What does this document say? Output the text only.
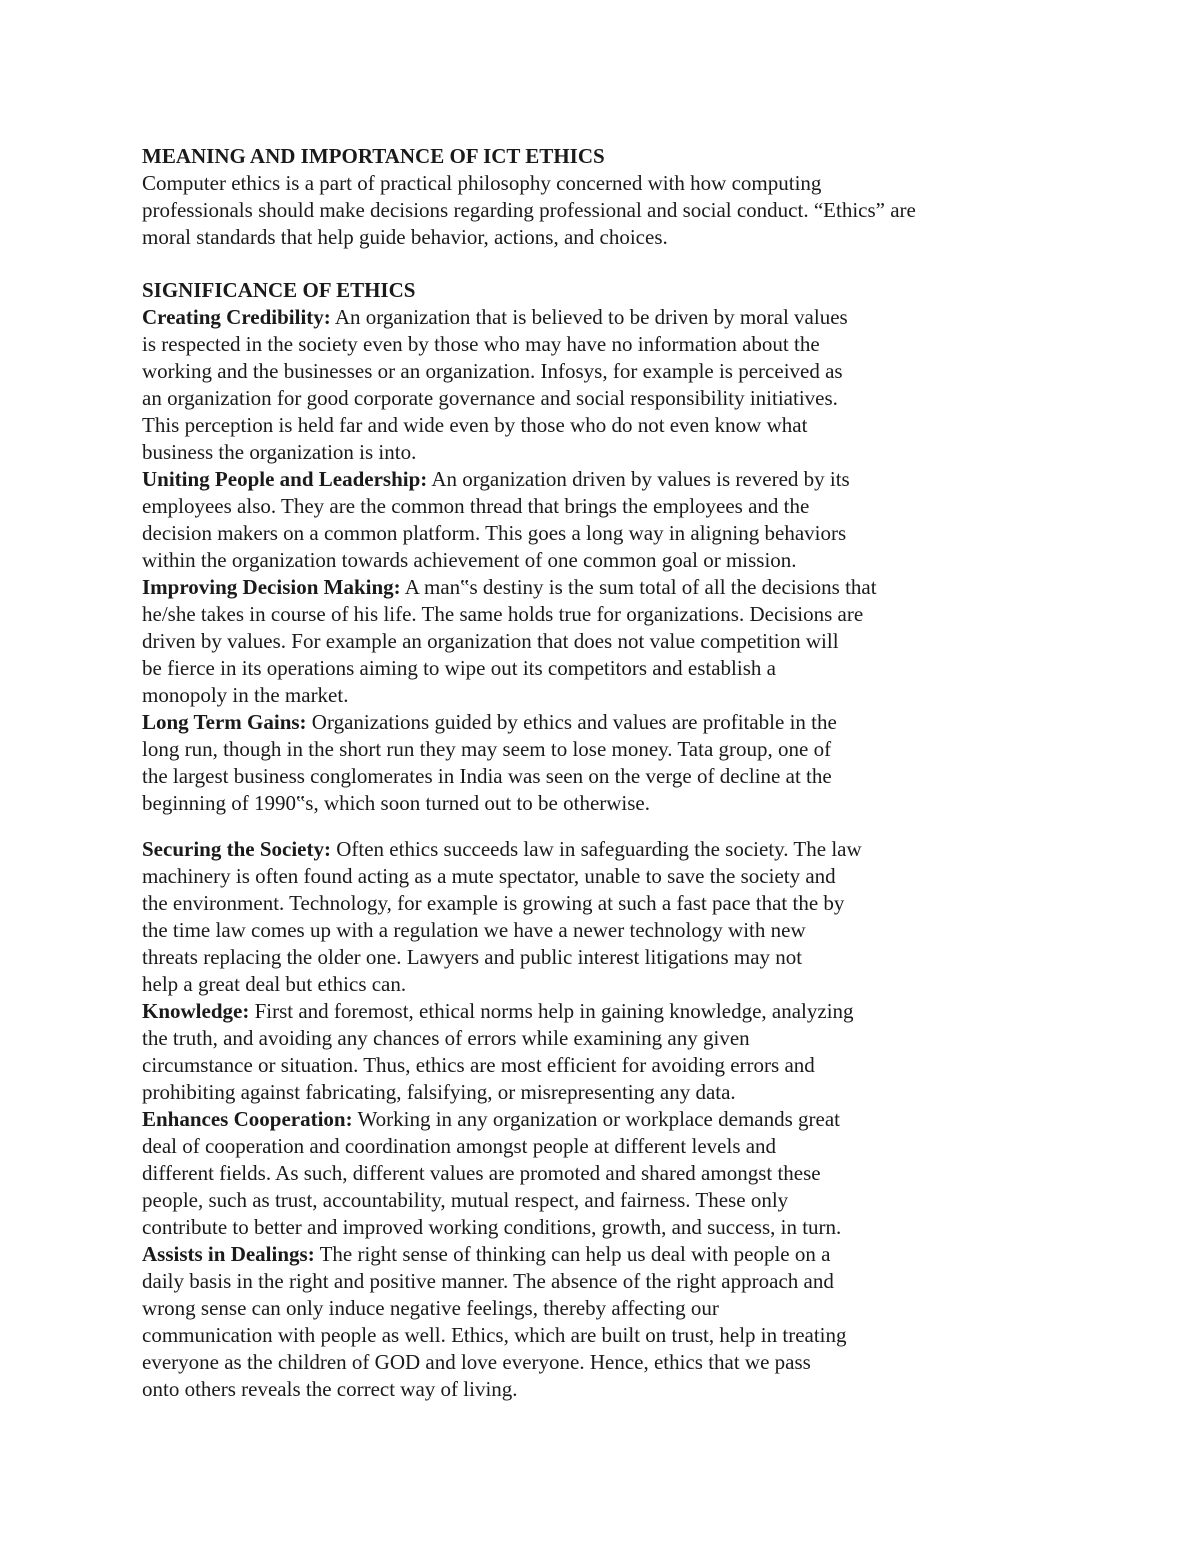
MEANING AND IMPORTANCE OF ICT ETHICS
Computer ethics is a part of practical philosophy concerned with how computing
professionals should make decisions regarding professional and social conduct. “Ethics” are
moral standards that help guide behavior, actions, and choices.
SIGNIFICANCE OF ETHICS
Creating Credibility: An organization that is believed to be driven by moral values
is respected in the society even by those who may have no information about the
working and the businesses or an organization. Infosys, for example is perceived as
an organization for good corporate governance and social responsibility initiatives.
This perception is held far and wide even by those who do not even know what
business the organization is into.
Uniting People and Leadership: An organization driven by values is revered by its
employees also. They are the common thread that brings the employees and the
decision makers on a common platform. This goes a long way in aligning behaviors
within the organization towards achievement of one common goal or mission.
Improving Decision Making: A man‟s destiny is the sum total of all the decisions that
he/she takes in course of his life. The same holds true for organizations. Decisions are
driven by values. For example an organization that does not value competition will
be fierce in its operations aiming to wipe out its competitors and establish a
monopoly in the market.
Long Term Gains: Organizations guided by ethics and values are profitable in the
long run, though in the short run they may seem to lose money. Tata group, one of
the largest business conglomerates in India was seen on the verge of decline at the
beginning of 1990‟s, which soon turned out to be otherwise.
Securing the Society: Often ethics succeeds law in safeguarding the society. The law
machinery is often found acting as a mute spectator, unable to save the society and
the environment. Technology, for example is growing at such a fast pace that the by
the time law comes up with a regulation we have a newer technology with new
threats replacing the older one. Lawyers and public interest litigations may not
help a great deal but ethics can.
Knowledge: First and foremost, ethical norms help in gaining knowledge, analyzing
the truth, and avoiding any chances of errors while examining any given
circumstance or situation. Thus, ethics are most efficient for avoiding errors and
prohibiting against fabricating, falsifying, or misrepresenting any data.
Enhances Cooperation: Working in any organization or workplace demands great
deal of cooperation and coordination amongst people at different levels and
different fields. As such, different values are promoted and shared amongst these
people, such as trust, accountability, mutual respect, and fairness. These only
contribute to better and improved working conditions, growth, and success, in turn.
Assists in Dealings: The right sense of thinking can help us deal with people on a
daily basis in the right and positive manner. The absence of the right approach and
wrong sense can only induce negative feelings, thereby affecting our
communication with people as well. Ethics, which are built on trust, help in treating
everyone as the children of GOD and love everyone. Hence, ethics that we pass
onto others reveals the correct way of living.
